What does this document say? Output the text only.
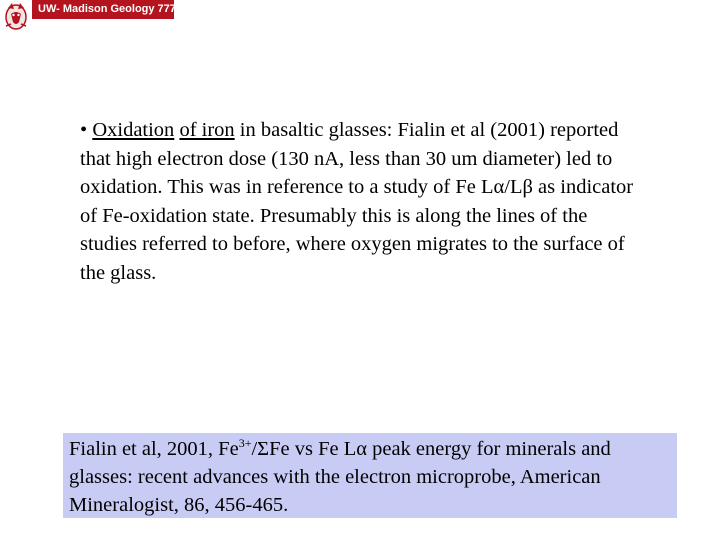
UW- Madison Geology 777
• Oxidation of iron in basaltic glasses: Fialin et al (2001) reported that high electron dose (130 nA, less than 30 um diameter) led to oxidation. This was in reference to a study of Fe Lα/Lβ as indicator of Fe-oxidation state. Presumably this is along the lines of the studies referred to before, where oxygen migrates to the surface of the glass.
Fialin et al, 2001, $Fe^{3+}$/ΣFe vs Fe Lα peak energy for minerals and glasses: recent advances with the electron microprobe, American Mineralogist, 86, 456-465.
